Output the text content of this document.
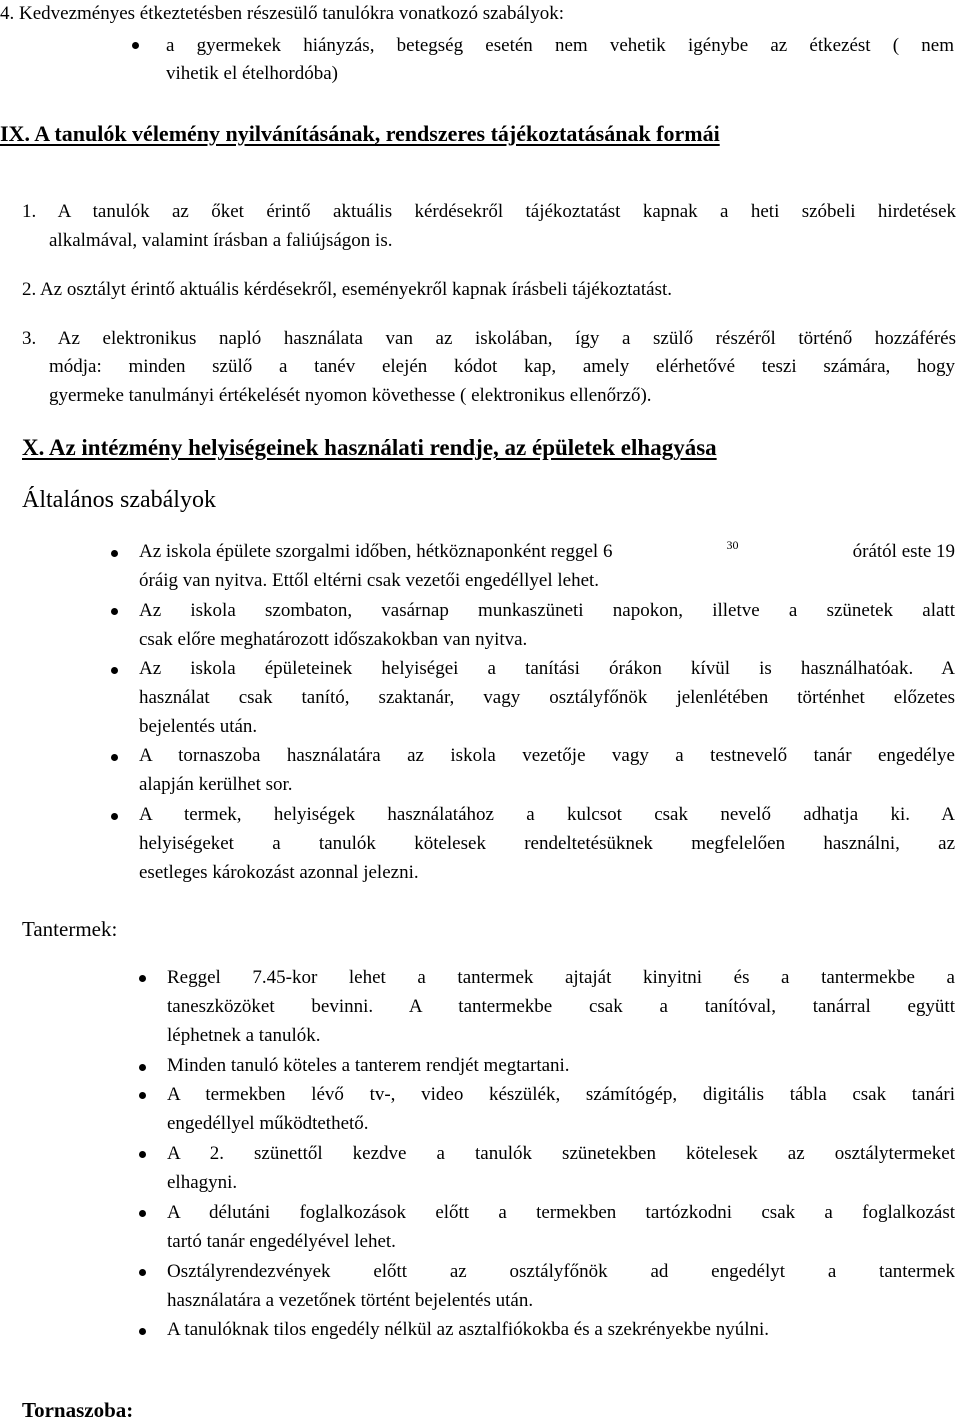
4. Kedvezményes étkeztetésben részesülő tanulókra vonatkozó szabályok:
a gyermekek hiányzás, betegség esetén nem vehetik igénybe az étkezést ( nem
vihetik el ételhordóba)
IX. A tanulók vélemény nyilvánításának, rendszeres tájékoztatásának formái
1. A tanulók az őket érintő aktuális kérdésekről tájékoztatást kapnak a heti szóbeli hirdetések
alkalmával, valamint írásban a faliújságon is.
2. Az osztályt érintő aktuális kérdésekről, eseményekről kapnak írásbeli tájékoztatást.
3. Az elektronikus napló használata van az iskolában, így a szülő részéről történő hozzáférés
módja: minden szülő a tanév elején kódot kap, amely elérhetővé teszi számára, hogy
gyermeke tanulmányi értékelését nyomon követhesse ( elektronikus ellenőrző).
X. Az intézmény helyiségeinek használati rendje, az épületek elhagyása
Általános szabályok
Az iskola épülete szorgalmi időben, hétköznaponként reggel 6	$^{30}$	órától este 19
óráig van nyitva. Ettől eltérni csak vezetői engedéllyel lehet.
Az iskola szombaton, vasárnap munkaszüneti napokon, illetve a szünetek alatt
csak előre meghatározott időszakokban van nyitva.
Az iskola épületeinek helyiségei a tanítási órákon kívül is használhatóak. A
használat csak tanító, szaktanár, vagy osztályfőnök jelenlétében történhet előzetes
bejelentés után.
A tornaszoba használatára az iskola vezetője vagy a testnevelő tanár engedélye
alapján kerülhet sor.
A termek, helyiségek használatához a kulcsot csak nevelő adhatja ki. A
helyiségeket a tanulók kötelesek rendeltetésüknek megfelelően használni, az
esetleges károkozást azonnal jelezni.
Tantermek:
Reggel 7.45-kor lehet a tantermek ajtaját kinyitni és a tantermekbe a
taneszközöket bevinni. A tantermekbe csak a tanítóval, tanárral együtt
léphetnek a tanulók.
Minden tanuló köteles a tanterem rendjét megtartani.
A termekben lévő tv-, video készülék, számítógép, digitális tábla csak tanári
engedéllyel működtethető.
A 2. szünettől kezdve a tanulók szünetekben kötelesek az osztálytermeket
elhagyni.
A délutáni foglalkozások előtt a termekben tartózkodni csak a foglalkozást
tartó tanár engedélyével lehet.
Osztályrendezvények előtt az osztályfőnök ad engedélyt a tantermek
használatára a vezetőnek történt bejelentés után.
A tanulóknak tilos engedély nélkül az asztalfiókokba és a szekrényekbe nyúlni.
Tornaszoba:
